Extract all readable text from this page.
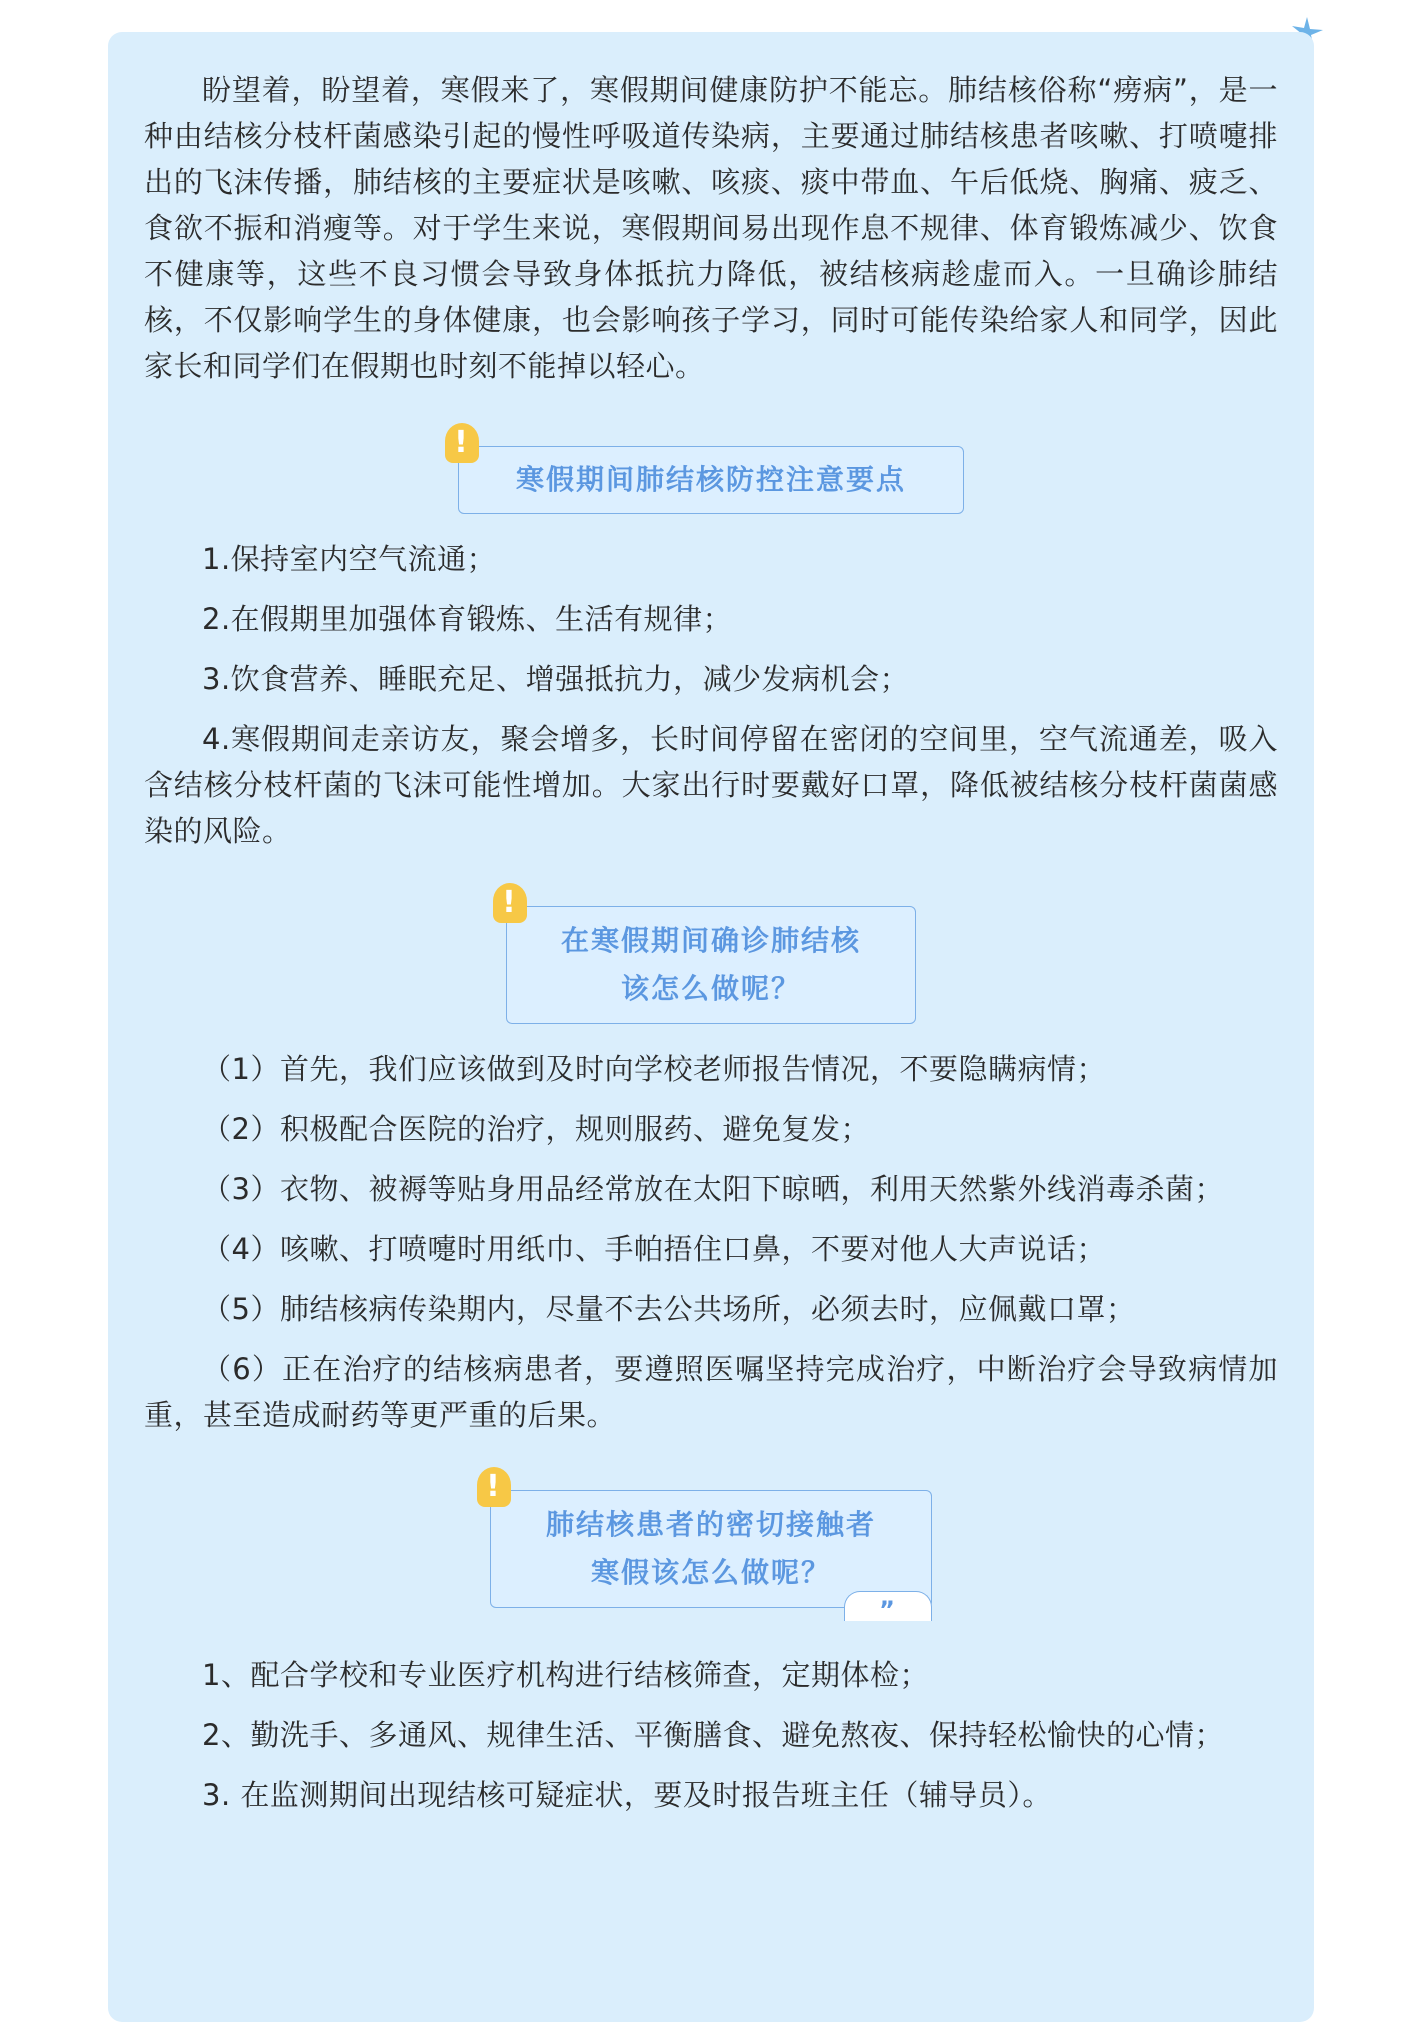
盼望着，盼望着，寒假来了，寒假期间健康防护不能忘。肺结核俗称“痨病”，是一种由结核分枝杆菌感染引起的慢性呼吸道传染病，主要通过肺结核患者咳嗽、打喷嚏排出的飞沫传播，肺结核的主要症状是咳嗽、咳痰、痰中带血、午后低烧、胸痛、疲乏、食欲不振和消瘦等。对于学生来说，寒假期间易出现作息不规律、体育锻炼减少、饮食不健康等，这些不良习惯会导致身体抵抗力降低，被结核病趁虚而入。一旦确诊肺结核，不仅影响学生的身体健康，也会影响孩子学习，同时可能传染给家人和同学，因此家长和同学们在假期也时刻不能掉以轻心。

!
寒假期间肺结核防控注意要点

1.保持室内空气流通；

2.在假期里加强体育锻炼、生活有规律；

3.饮食营养、睡眠充足、增强抵抗力，减少发病机会；

4.寒假期间走亲访友，聚会增多，长时间停留在密闭的空间里，空气流通差，吸入含结核分枝杆菌的飞沫可能性增加。大家出行时要戴好口罩，降低被结核分枝杆菌菌感染的风险。

!
在寒假期间确诊肺结核
该怎么做呢？

（1）首先，我们应该做到及时向学校老师报告情况，不要隐瞒病情；

（2）积极配合医院的治疗，规则服药、避免复发；

（3）衣物、被褥等贴身用品经常放在太阳下晾晒，利用天然紫外线消毒杀菌；

（4）咳嗽、打喷嚏时用纸巾、手帕捂住口鼻，不要对他人大声说话；

（5）肺结核病传染期内，尽量不去公共场所，必须去时，应佩戴口罩；

（6）正在治疗的结核病患者，要遵照医嘱坚持完成治疗，中断治疗会导致病情加重，甚至造成耐药等更严重的后果。

!
肺结核患者的密切接触者
寒假该怎么做呢？
”

1、配合学校和专业医疗机构进行结核筛查，定期体检；

2、勤洗手、多通风、规律生活、平衡膳食、避免熬夜、保持轻松愉快的心情；

3. 在监测期间出现结核可疑症状，要及时报告班主任（辅导员）。
